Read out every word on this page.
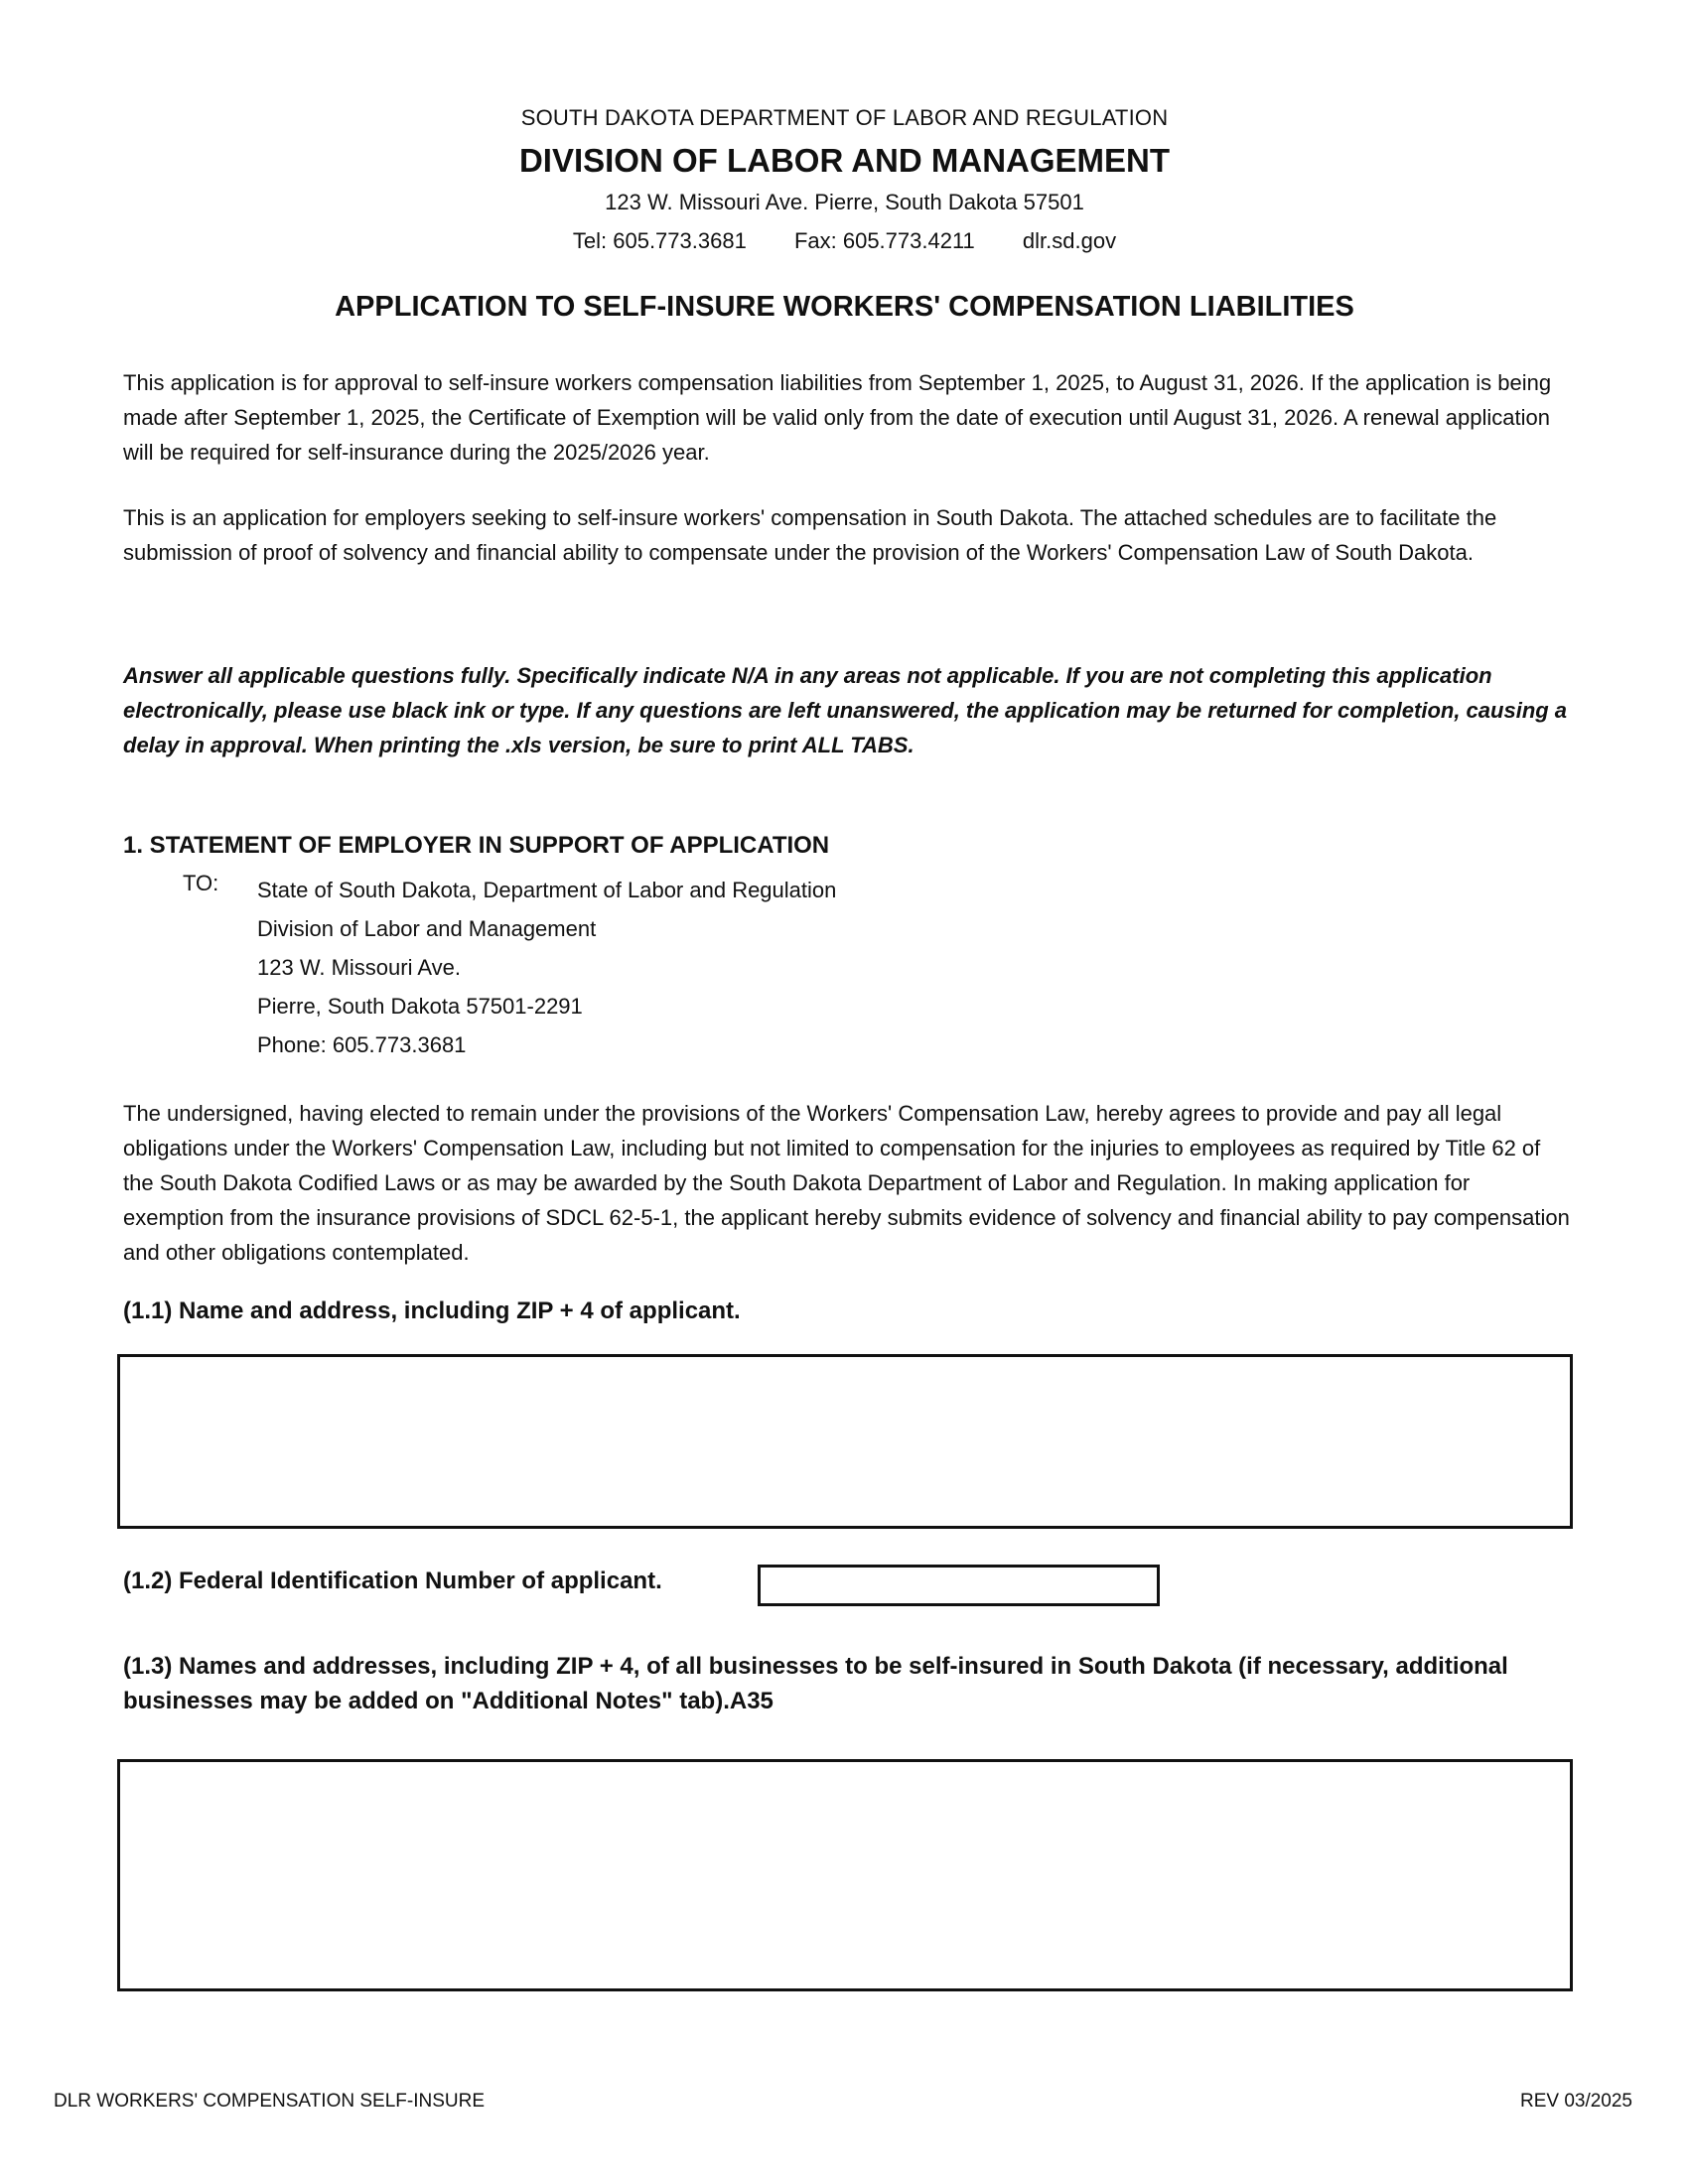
SOUTH DAKOTA DEPARTMENT OF LABOR AND REGULATION
DIVISION OF LABOR AND MANAGEMENT
123 W. Missouri Ave. Pierre, South Dakota 57501
Tel: 605.773.3681 Fax: 605.773.4211 dlr.sd.gov
APPLICATION TO SELF-INSURE WORKERS' COMPENSATION LIABILITIES
This application is for approval to self-insure workers compensation liabilities from September 1, 2025, to August 31, 2026. If the application is being made after September 1, 2025, the Certificate of Exemption will be valid only from the date of execution until August 31, 2026. A renewal application will be required for self-insurance during the 2025/2026 year.
This is an application for employers seeking to self-insure workers' compensation in South Dakota. The attached schedules are to facilitate the submission of proof of solvency and financial ability to compensate under the provision of the Workers' Compensation Law of South Dakota.
Answer all applicable questions fully. Specifically indicate N/A in any areas not applicable. If you are not completing this application electronically, please use black ink or type. If any questions are left unanswered, the application may be returned for completion, causing a delay in approval. When printing the .xls version, be sure to print ALL TABS.
1. STATEMENT OF EMPLOYER IN SUPPORT OF APPLICATION
TO: State of South Dakota, Department of Labor and Regulation
Division of Labor and Management
123 W. Missouri Ave.
Pierre, South Dakota 57501-2291
Phone: 605.773.3681
The undersigned, having elected to remain under the provisions of the Workers' Compensation Law, hereby agrees to provide and pay all legal obligations under the Workers' Compensation Law, including but not limited to compensation for the injuries to employees as required by Title 62 of the South Dakota Codified Laws or as may be awarded by the South Dakota Department of Labor and Regulation. In making application for exemption from the insurance provisions of SDCL 62-5-1, the applicant hereby submits evidence of solvency and financial ability to pay compensation and other obligations contemplated.
(1.1) Name and address, including ZIP + 4 of applicant.
(1.2) Federal Identification Number of applicant.
(1.3) Names and addresses, including ZIP + 4, of all businesses to be self-insured in South Dakota (if necessary, additional businesses may be added on "Additional Notes" tab).A35
DLR WORKERS' COMPENSATION SELF-INSURE	REV 03/2025
